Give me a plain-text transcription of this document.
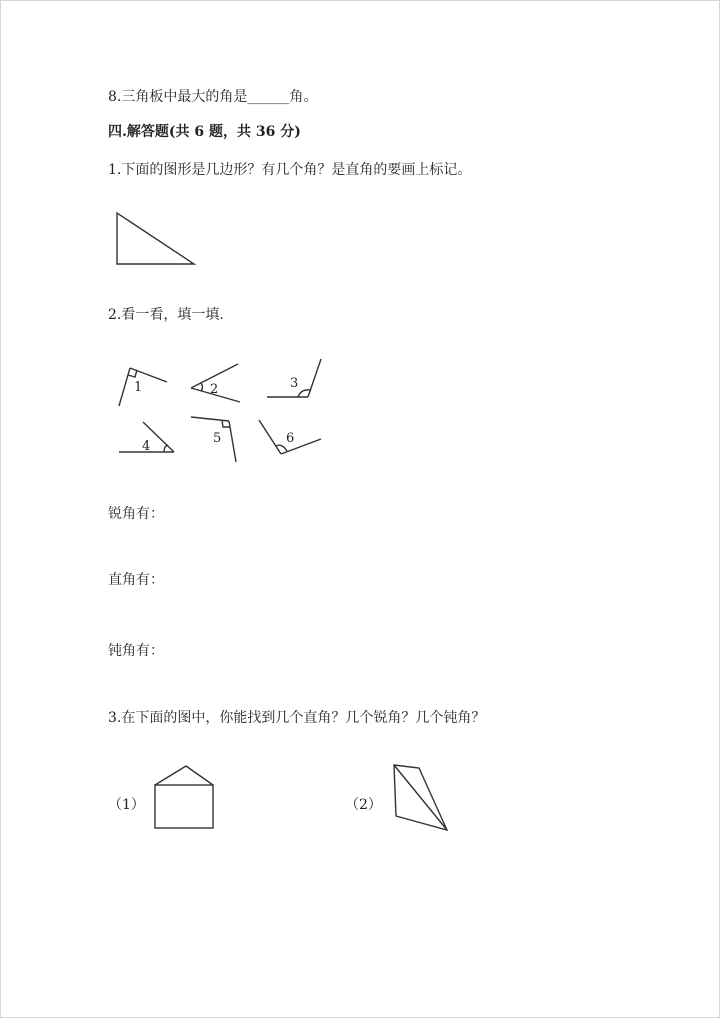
8.三角板中最大的角是______角。
四.解答题(共 6 题，共 36 分)
1.下面的图形是几边形？有几个角？是直角的要画上标记。
2.看一看，填一填.
1	2	3
4
5	6
锐角有：
直角有：
钝角有：
3.在下面的图中，你能找到几个直角？几个锐角？几个钝角？
（1）	（2）
